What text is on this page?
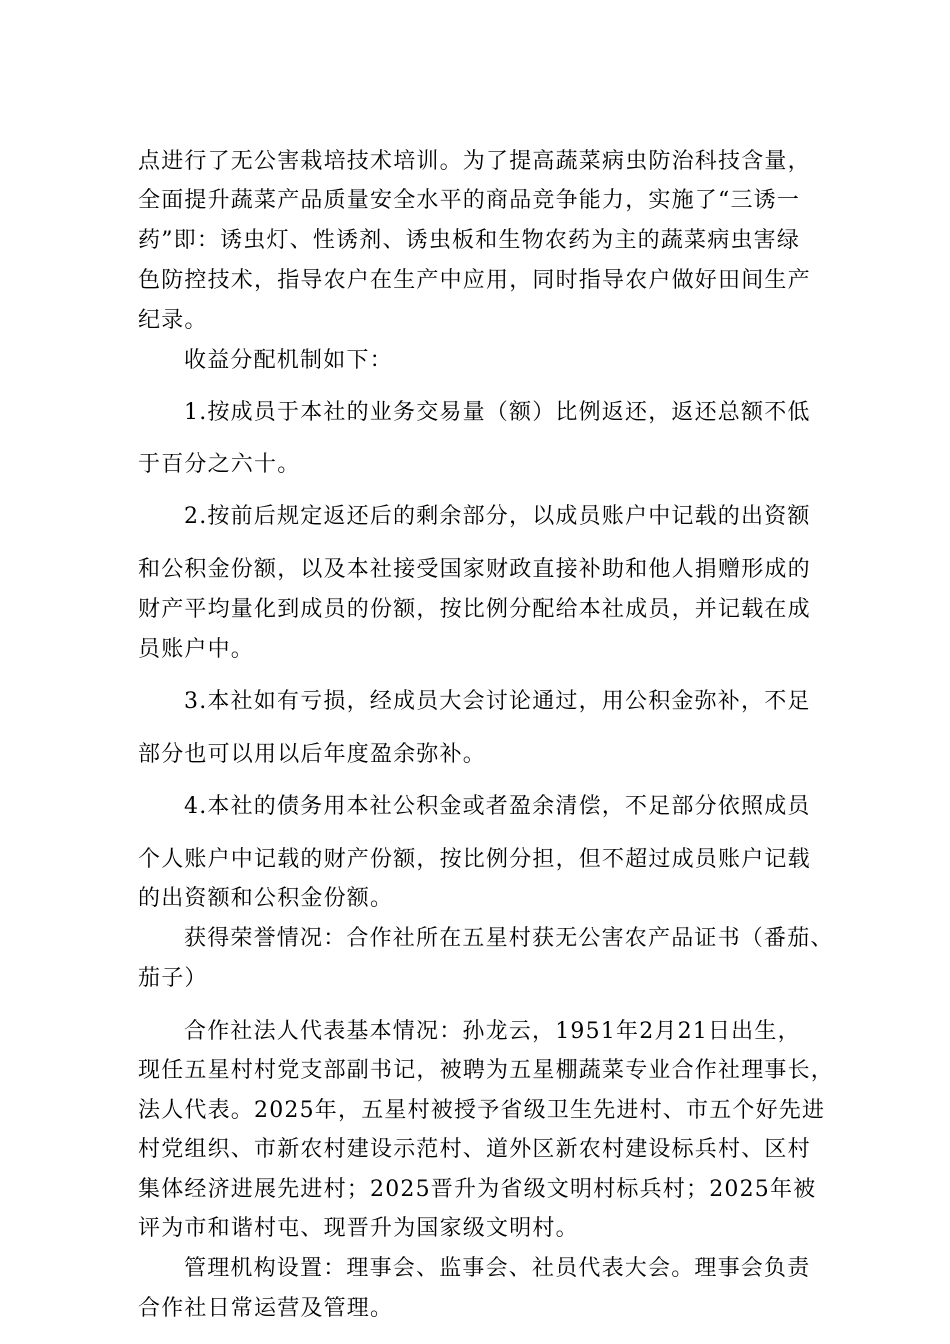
点进行了无公害栽培技术培训。为了提高蔬菜病虫防治科技含量，
全面提升蔬菜产品质量安全水平的商品竞争能力，实施了“三诱一
药”即：诱虫灯、性诱剂、诱虫板和生物农药为主的蔬菜病虫害绿
色防控技术，指导农户在生产中应用，同时指导农户做好田间生产
纪录。
收益分配机制如下：
1.按成员于本社的业务交易量（额）比例返还，返还总额不低
于百分之六十。
2.按前后规定返还后的剩余部分，以成员账户中记载的出资额
和公积金份额，以及本社接受国家财政直接补助和他人捐赠形成的
财产平均量化到成员的份额，按比例分配给本社成员，并记载在成
员账户中。
3.本社如有亏损，经成员大会讨论通过，用公积金弥补，不足
部分也可以用以后年度盈余弥补。
4.本社的债务用本社公积金或者盈余清偿，不足部分依照成员
个人账户中记载的财产份额，按比例分担，但不超过成员账户记载
的出资额和公积金份额。
获得荣誉情况：合作社所在五星村获无公害农产品证书（番茄、
茄子）
合作社法人代表基本情况：孙龙云，1951年2月21日出生，
现任五星村村党支部副书记，被聘为五星棚蔬菜专业合作社理事长，
法人代表。2025年，五星村被授予省级卫生先进村、市五个好先进
村党组织、市新农村建设示范村、道外区新农村建设标兵村、区村
集体经济进展先进村；2025晋升为省级文明村标兵村；2025年被
评为市和谐村屯、现晋升为国家级文明村。
管理机构设置：理事会、监事会、社员代表大会。理事会负责
合作社日常运营及管理。
